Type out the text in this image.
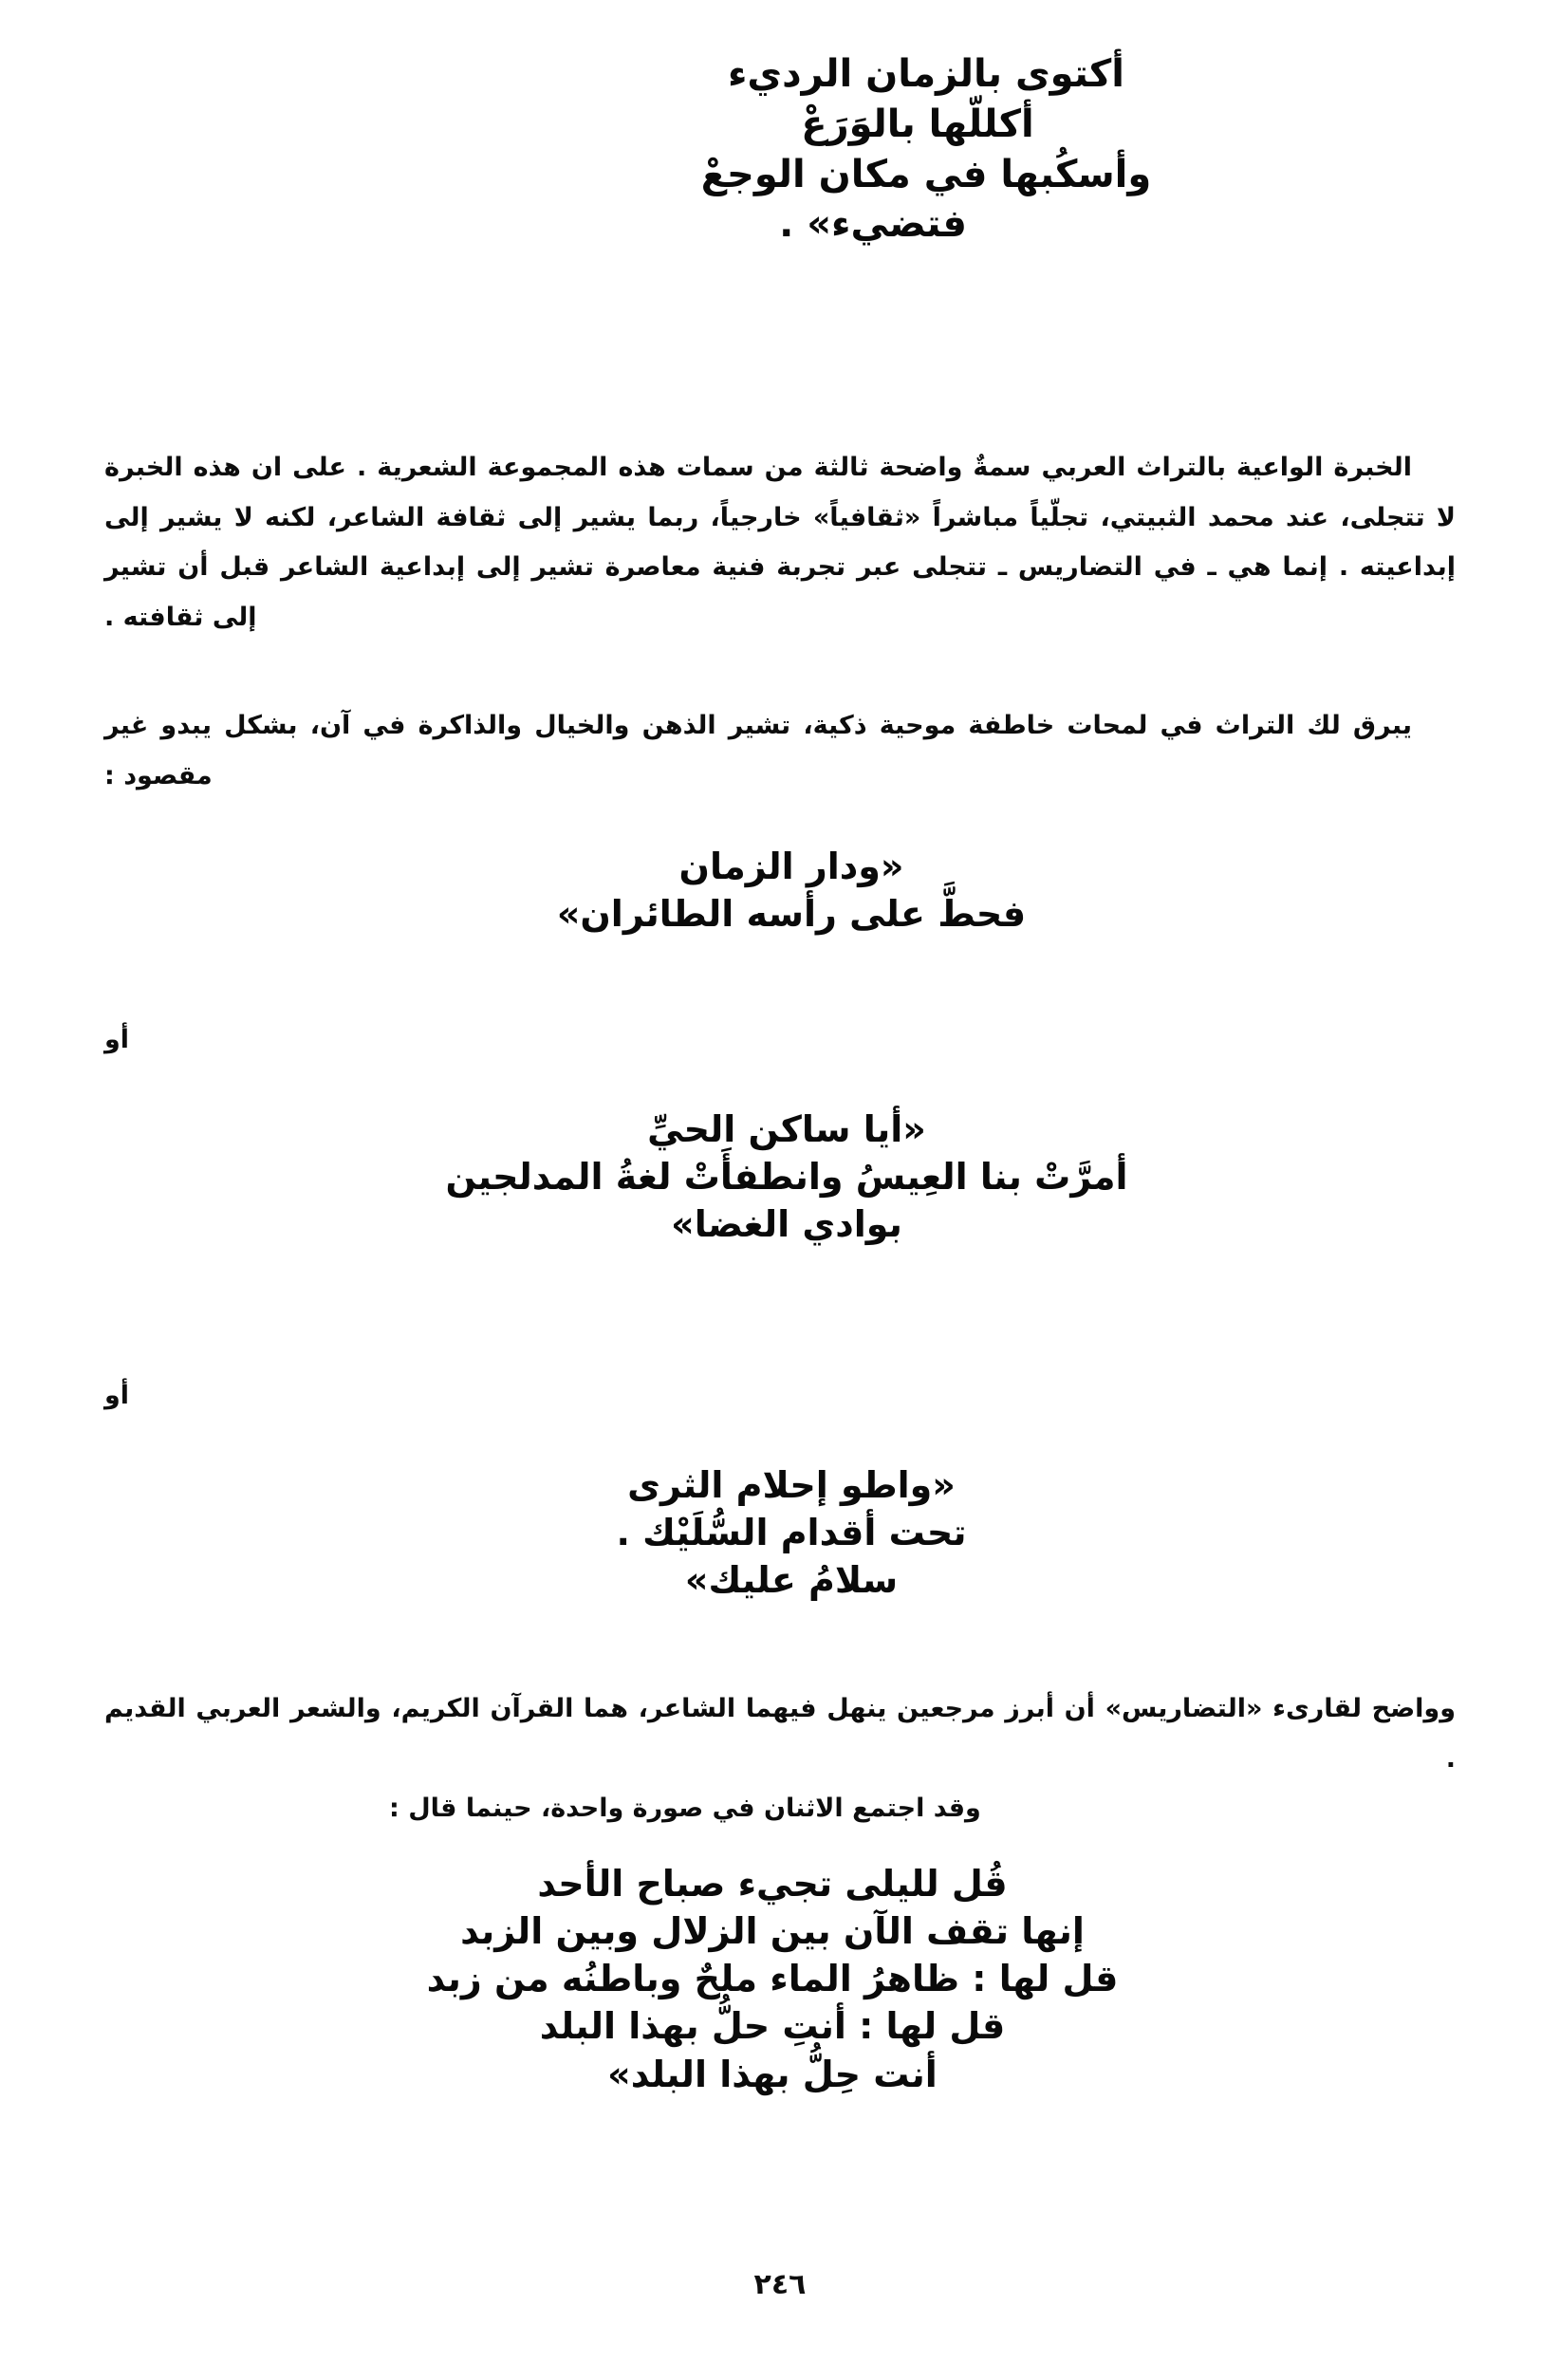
أكتوى بالزمان الرديء
أكللّها بالوَرَعْ
وأسكُبها في مكان الوجعْ
فتضيء» .

الخبرة الواعية بالتراث العربي سمةٌ واضحة ثالثة من سمات هذه المجموعة الشعرية . على ان هذه الخبرة لا تتجلى، عند محمد الثبيتي، تجلّياً مباشراً «ثقافياً» خارجياً، ربما يشير إلى ثقافة الشاعر، لكنه لا يشير إلى إبداعيته . إنما هي ـ في التضاريس ـ تتجلى عبر تجربة فنية معاصرة تشير إلى إبداعية الشاعر قبل أن تشير إلى ثقافته .

يبرق لك التراث في لمحات خاطفة موحية ذكية، تشير الذهن والخيال والذاكرة في آن، بشكل يبدو غير مقصود :

«ودار الزمان
فحطَّ على رأسه الطائران»
أو
«أيا ساكن الحيِّ
أمرَّتْ بنا العِيسُ وانطفأَتْ لغةُ المدلجين
بوادي الغضا»
أو
«واطو إحلام الثرى
تحت أقدام السُّلَيْك .
سلامُ عليك»
وواضح لقارىء «التضاريس» أن أبرز مرجعين ينهل فيهما الشاعر، هما القرآن الكريم، والشعر العربي القديم .
وقد اجتمع الاثنان في صورة واحدة، حينما قال :
قُل لليلى تجيء صباح الأحد
إنها تقف الآن بين الزلال وبين الزبد
قل لها : ظاهرُ الماء ملحٌ وباطنُه من زبد
قل لها : أنتِ حلُّ بهذا البلد
أنت حِلُّ بهذا البلد»
٢٤٦
